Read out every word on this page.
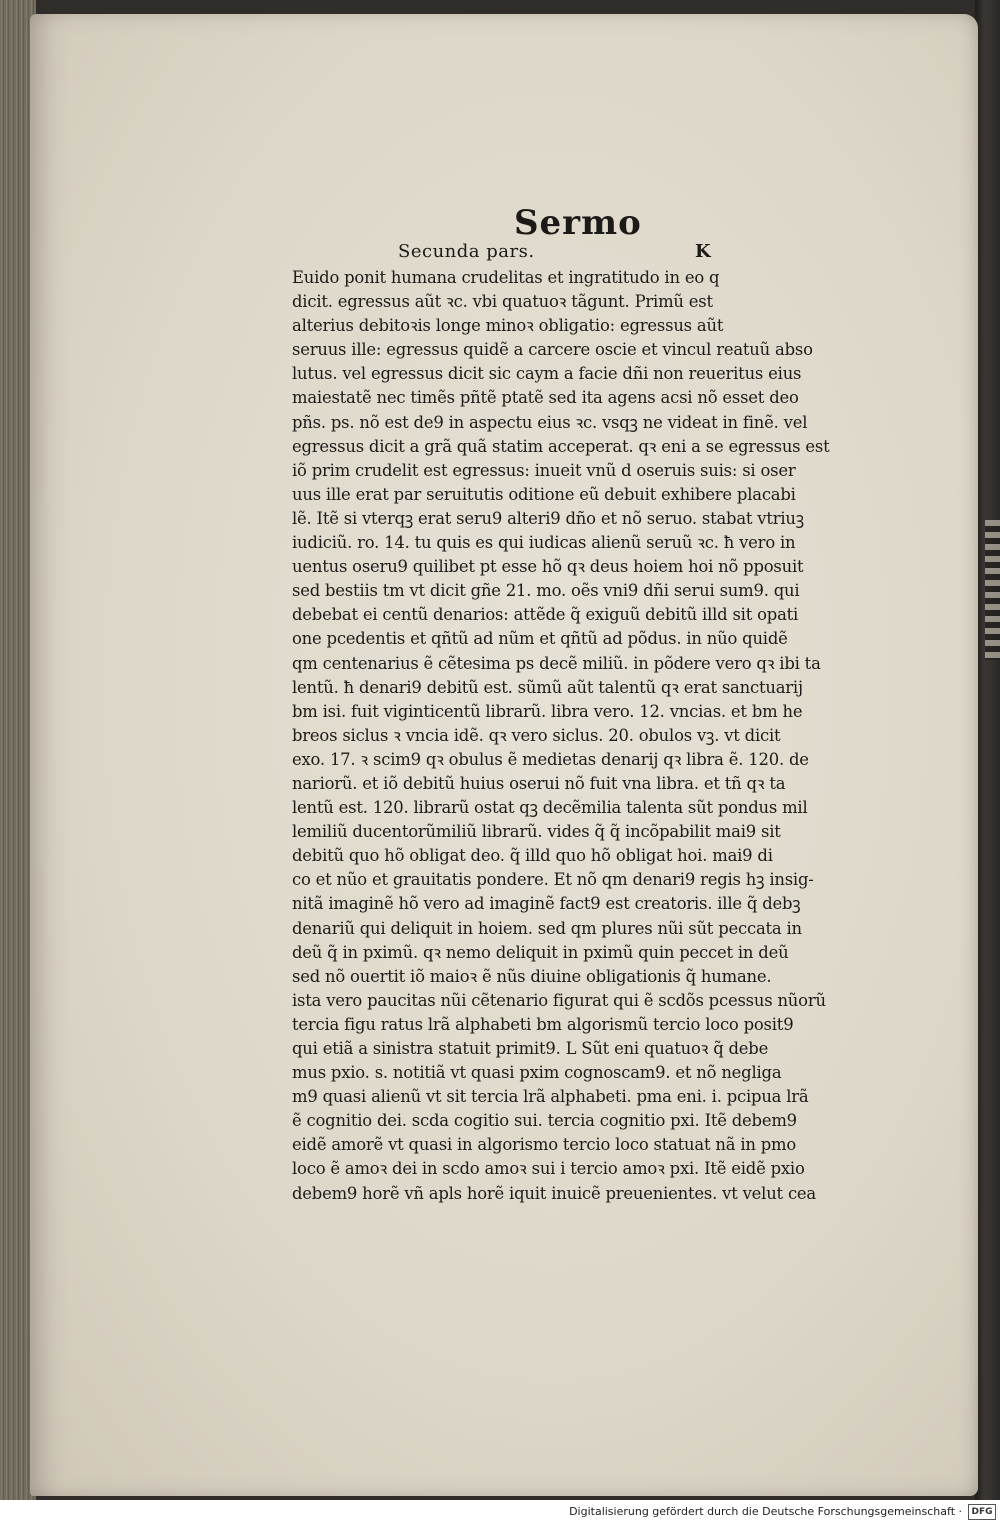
Sermo
Secunda pars.	K
Euido ponit humana crudelitas et ingratitudo in eo q
dicit. egressus aũt ꝛc. vbi quatuoꝛ tãgunt. Primũ est
alterius debitoꝛis longe minoꝛ obligatio: egressus aũt
seruus ille: egressus quidẽ a carcere oscie et vincul reatuũ abso
lutus. vel egressus dicit sic caym a facie dñi non reueritus eius
maiestatẽ nec timẽs pñtẽ ptatẽ sed ita agens acsi nõ esset deo
pñs. ps. nõ est de9 in aspectu eius ꝛc. vsqꝫ ne videat in finẽ. vel
egressus dicit a grã quã statim acceperat. qꝛ eni a se egressus est
iõ prim crudelit est egressus: inueit vnũ d oseruis suis: si oser
uus ille erat par seruitutis oditione eũ debuit exhibere placabi
lẽ. Itẽ si vterqꝫ erat seru9 alteri9 dño et nõ seruo. stabat vtriuꝫ
iudiciũ. ro. 14. tu quis es qui iudicas alienũ seruũ ꝛc. ħ vero in
uentus oseru9 quilibet pt esse hõ qꝛ deus hoiem hoi nõ pposuit
sed bestiis tm vt dicit gñe 21. mo. oẽs vni9 dñi serui sum9. qui
debebat ei centũ denarios: attẽde q̃ exiguũ debitũ illd sit opati
one pcedentis et qñtũ ad nũm et qñtũ ad põdus. in nũo quidẽ
qm centenarius ẽ cẽtesima ps decẽ miliũ. in põdere vero qꝛ ibi ta
lentũ. ħ denari9 debitũ est. sũmũ aũt talentũ qꝛ erat sanctuarij
bm isi. fuit viginticentũ librarũ. libra vero. 12. vncias. et bm he
breos siclus ꝛ vncia idẽ. qꝛ vero siclus. 20. obulos vꝫ. vt dicit
exo. 17. ꝛ scim9 qꝛ obulus ẽ medietas denarij qꝛ libra ẽ. 120. de
nariorũ. et iõ debitũ huius oserui nõ fuit vna libra. et tñ qꝛ ta
lentũ est. 120. librarũ ostat qꝫ decẽmilia talenta sũt pondus mil
lemiliũ ducentorũmiliũ librarũ. vides q̃ q̃ incõpabilit mai9 sit
debitũ quo hõ obligat deo. q̃ illd quo hõ obligat hoi. mai9 di
co et nũo et grauitatis pondere. Et nõ qm denari9 regis hꝫ insig-
nitã imaginẽ hõ vero ad imaginẽ fact9 est creatoris. ille q̃ debꝫ
denariũ qui deliquit in hoiem. sed qm plures nũi sũt peccata in
deũ q̃ in pximũ. qꝛ nemo deliquit in pximũ quin peccet in deũ
sed nõ ouertit iõ maioꝛ ẽ nũs diuine obligationis q̃ humane.
ista vero paucitas nũi cẽtenario figurat qui ẽ scdõs pcessus nũorũ
tercia figu ratus lrã alphabeti bm algorismũ tercio loco posit9
qui etiã a sinistra statuit primit9. L Sũt eni quatuoꝛ q̃ debe
mus pxio. s. notitiã vt quasi pxim cognoscam9. et nõ negliga
m9 quasi alienũ vt sit tercia lrã alphabeti. pma eni. i. pcipua lrã
ẽ cognitio dei. scda cogitio sui. tercia cognitio pxi. Itẽ debem9
eidẽ amorẽ vt quasi in algorismo tercio loco statuat nã in pmo
loco ẽ amoꝛ dei in scdo amoꝛ sui i tercio amoꝛ pxi. Itẽ eidẽ pxio
debem9 horẽ vñ apls horẽ iquit inuicẽ preuenientes. vt velut cea
Digitalisierung gefördert durch die Deutsche Forschungsgemeinschaft ·	DFG
